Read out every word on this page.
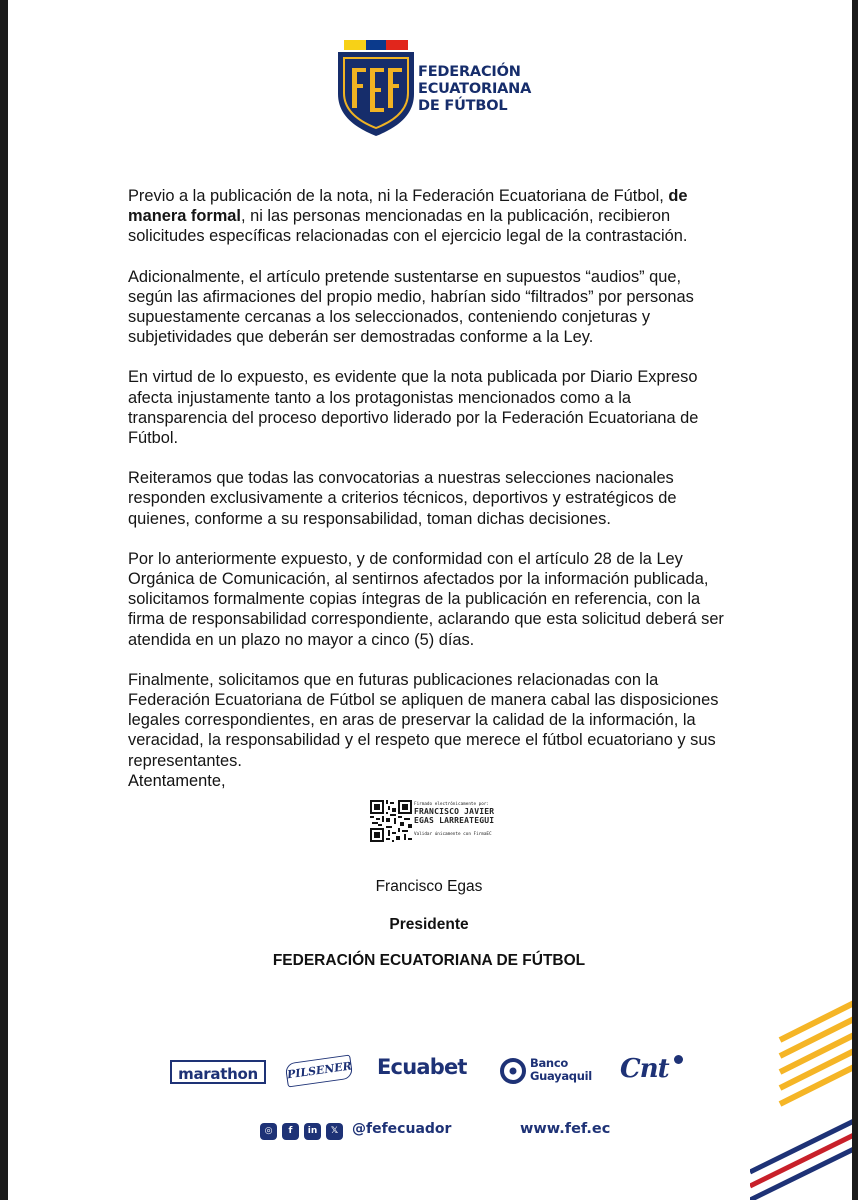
FEDERACIÓN
ECUATORIANA
DE FÚTBOL

Previo a la publicación de la nota, ni la Federación Ecuatoriana de Fútbol, de manera formal, ni las personas mencionadas en la publicación, recibieron solicitudes específicas relacionadas con el ejercicio legal de la contrastación.

Adicionalmente, el artículo pretende sustentarse en supuestos “audios” que, según las afirmaciones del propio medio, habrían sido “filtrados” por personas supuestamente cercanas a los seleccionados, conteniendo conjeturas y subjetividades que deberán ser demostradas conforme a la Ley.

En virtud de lo expuesto, es evidente que la nota publicada por Diario Expreso afecta injustamente tanto a los protagonistas mencionados como a la transparencia del proceso deportivo liderado por la Federación Ecuatoriana de Fútbol.

Reiteramos que todas las convocatorias a nuestras selecciones nacionales responden exclusivamente a criterios técnicos, deportivos y estratégicos de quienes, conforme a su responsabilidad, toman dichas decisiones.

Por lo anteriormente expuesto, y de conformidad con el artículo 28 de la Ley Orgánica de Comunicación, al sentirnos afectados por la información publicada, solicitamos formalmente copias íntegras de la publicación en referencia, con la firma de responsabilidad correspondiente, aclarando que esta solicitud deberá ser atendida en un plazo no mayor a cinco (5) días.

Finalmente, solicitamos que en futuras publicaciones relacionadas con la Federación Ecuatoriana de Fútbol se apliquen de manera cabal las disposiciones legales correspondientes, en aras de preservar la calidad de la información, la veracidad, la responsabilidad y el respeto que merece el fútbol ecuatoriano y sus representantes.

Atentamente,
Firmado electrónicamente por:
FRANCISCO JAVIER
EGAS LARREATEGUI
Validar únicamente con FirmaEC
Francisco Egas
Presidente
FEDERACIÓN ECUATORIANA DE FÚTBOL
marathon	PILSENER Ecuabet	Banco
Guayaquil Cnt
◎	f	in	𝕏 @fefecuador	www.fef.ec
